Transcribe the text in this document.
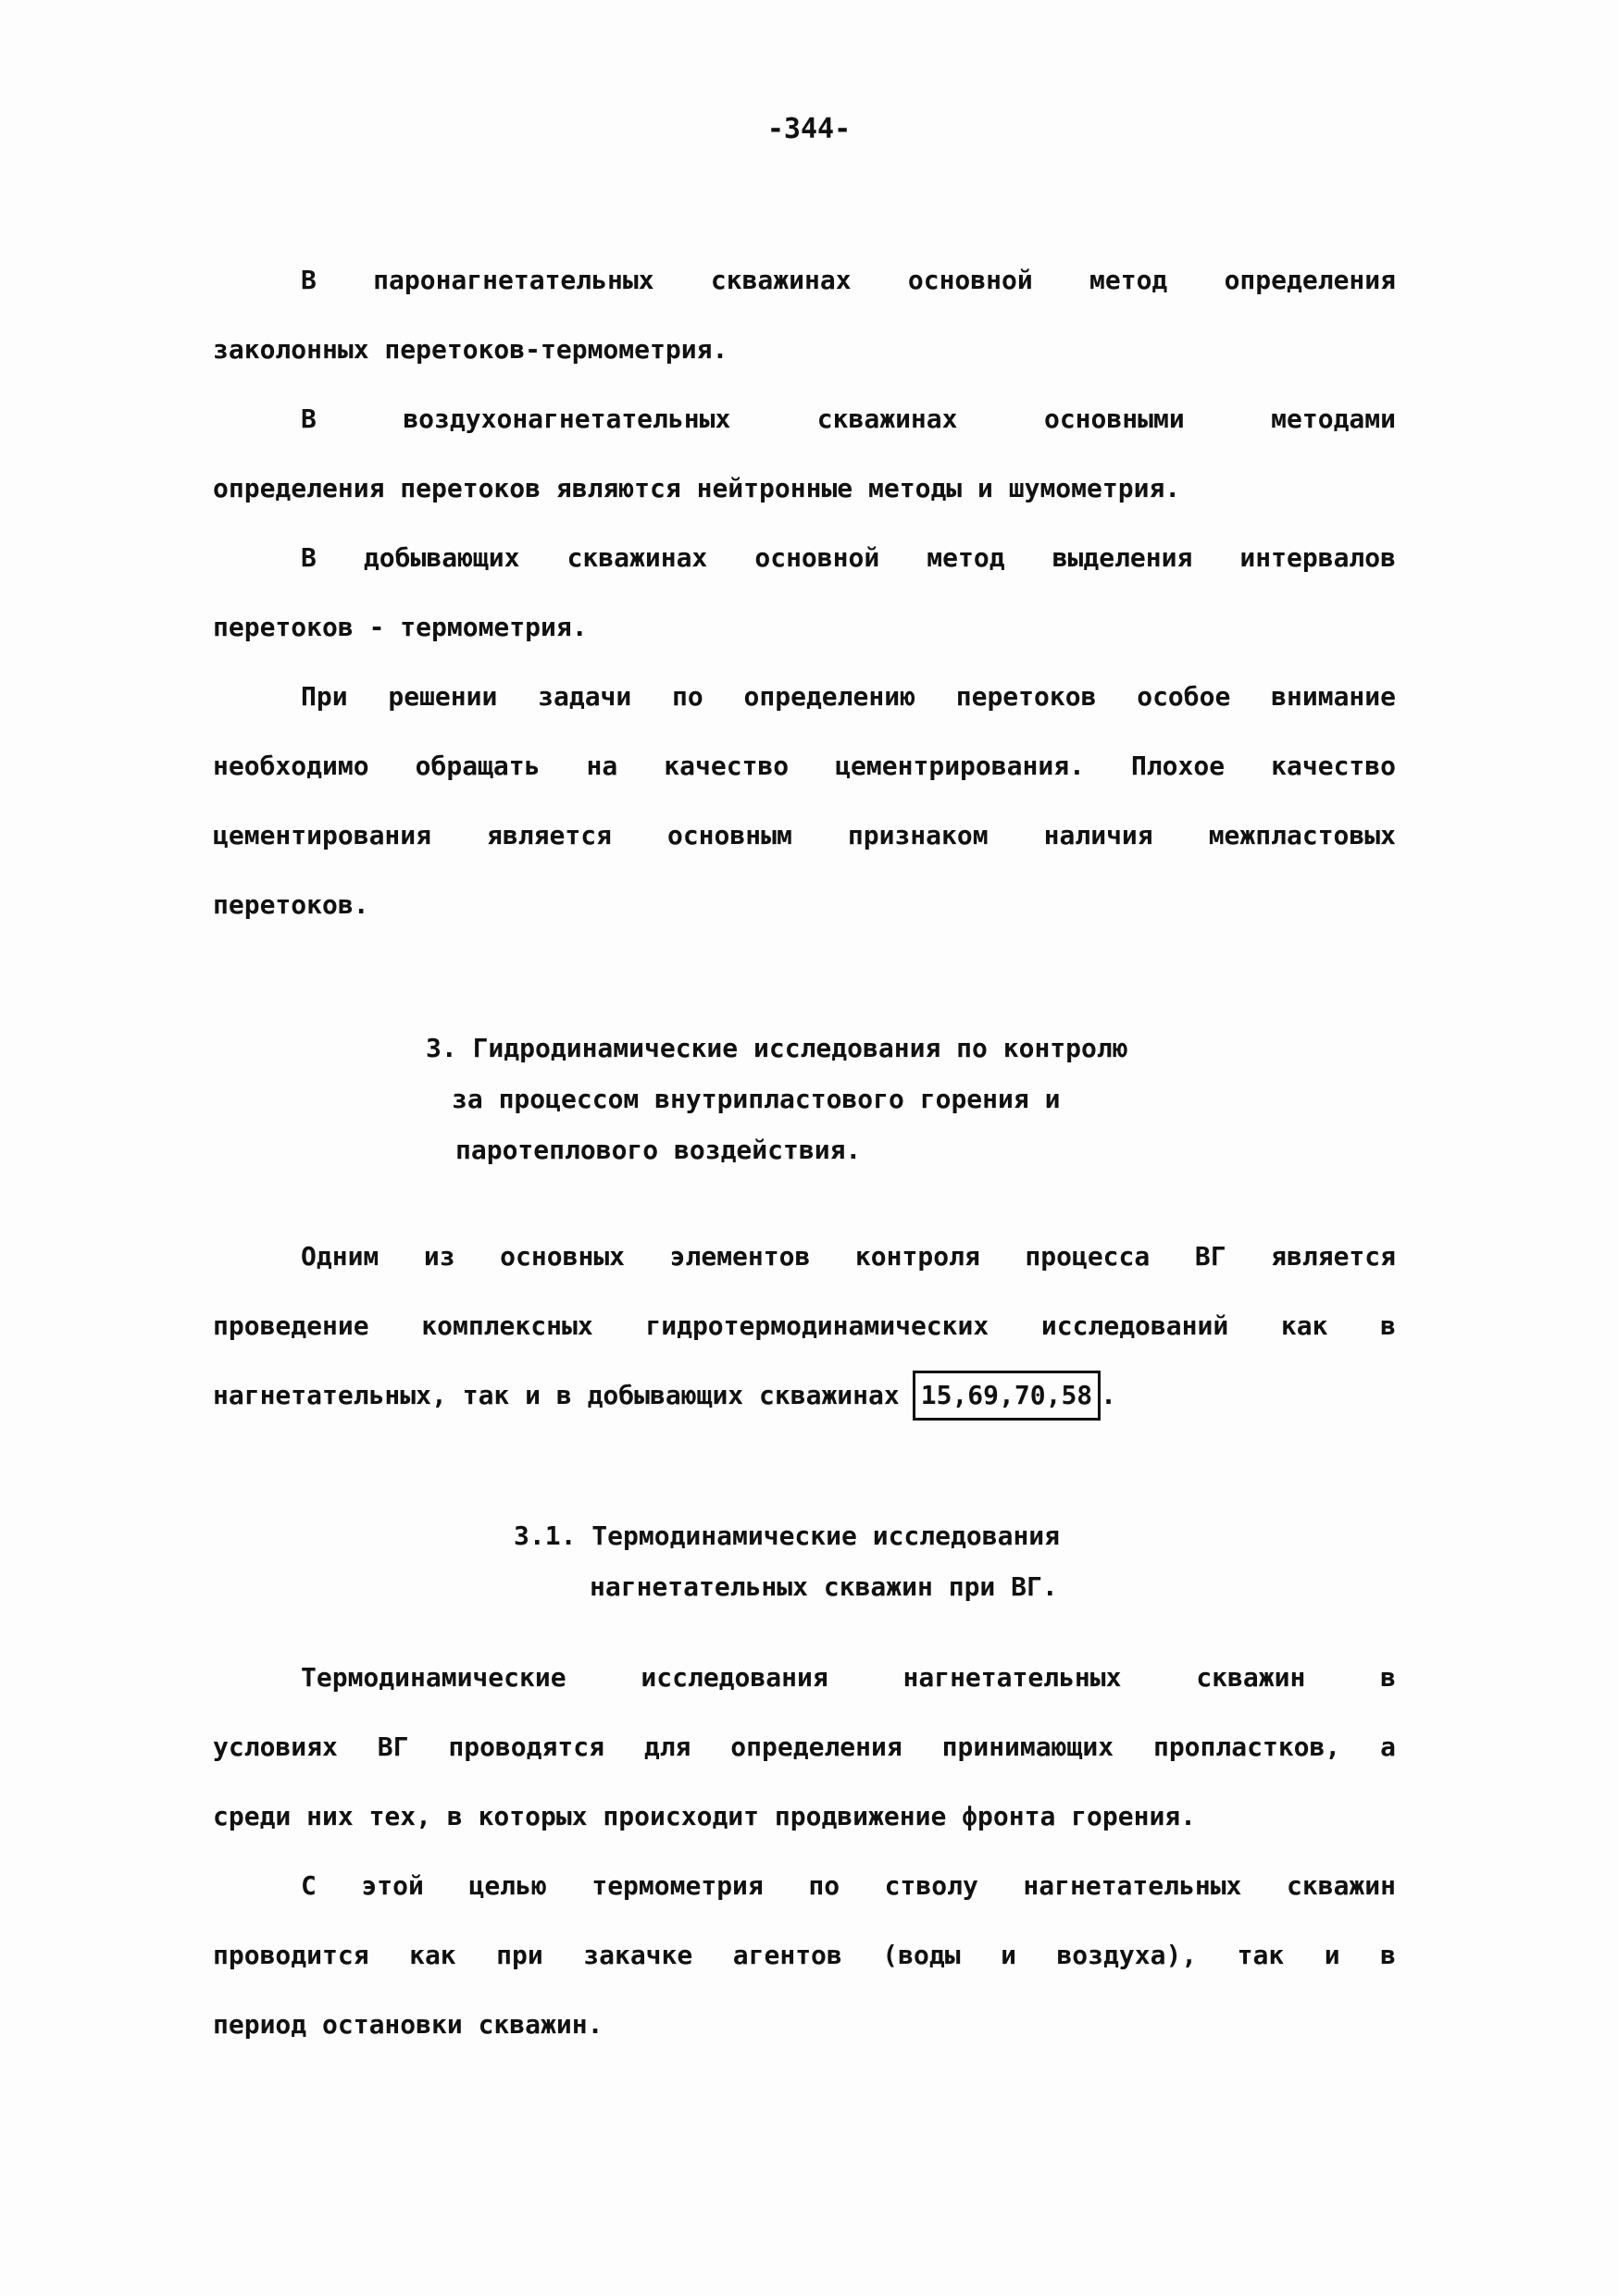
-344-
В паронагнетательных скважинах основной метод определения
заколонных перетоков-термометрия.
В воздухонагнетательных скважинах основными методами
определения перетоков являются нейтронные методы и шумометрия.
В добывающих скважинах основной метод выделения интервалов
перетоков - термометрия.
При решении задачи по определению перетоков особое внимание
необходимо обращать на качество цементрирования. Плохое качество
цементирования является основным признаком наличия межпластовых
перетоков.
3. Гидродинамические исследования по контролю
за процессом внутрипластового горения и
паротеплового воздействия.
Одним из основных элементов контроля процесса ВГ является
проведение комплексных гидротермодинамических исследований как в
нагнетательных, так и в добывающих скважинах 15,69,70,58 .
3.1. Термодинамические исследования
нагнетательных скважин при ВГ.
Термодинамические исследования нагнетательных скважин в
условиях ВГ проводятся для определения принимающих пропластков, а
среди них тех, в которых происходит продвижение фронта горения.
С этой целью термометрия по стволу нагнетательных скважин
проводится как при закачке агентов (воды и воздуха), так и в
период остановки скважин.
